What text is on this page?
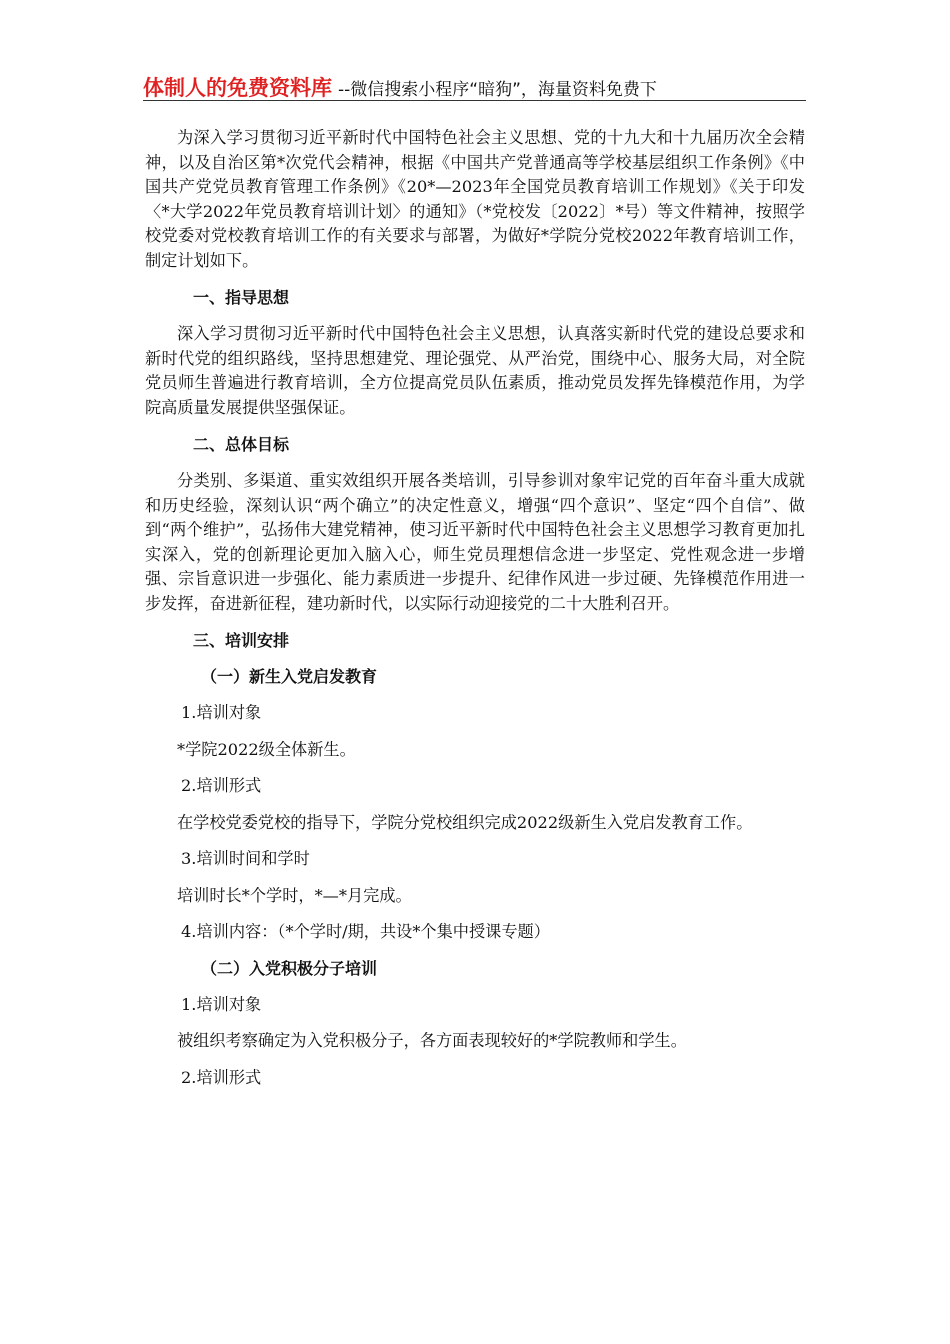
体制人的免费资料库 --微信搜索小程序“暗狗”，海量资料免费下

为深入学习贯彻习近平新时代中国特色社会主义思想、党的十九大和十九届历次全会精神，以及自治区第*次党代会精神，根据《中国共产党普通高等学校基层组织工作条例》《中国共产党党员教育管理工作条例》《20*—2023年全国党员教育培训工作规划》《关于印发〈*大学2022年党员教育培训计划〉的通知》（*党校发〔2022〕*号）等文件精神，按照学校党委对党校教育培训工作的有关要求与部署，为做好*学院分党校2022年教育培训工作，制定计划如下。

一、指导思想

深入学习贯彻习近平新时代中国特色社会主义思想，认真落实新时代党的建设总要求和新时代党的组织路线，坚持思想建党、理论强党、从严治党，围绕中心、服务大局，对全院党员师生普遍进行教育培训，全方位提高党员队伍素质，推动党员发挥先锋模范作用，为学院高质量发展提供坚强保证。

二、总体目标

分类别、多渠道、重实效组织开展各类培训，引导参训对象牢记党的百年奋斗重大成就和历史经验，深刻认识“两个确立”的决定性意义，增强“四个意识”、坚定“四个自信”、做到“两个维护”，弘扬伟大建党精神，使习近平新时代中国特色社会主义思想学习教育更加扎实深入，党的创新理论更加入脑入心，师生党员理想信念进一步坚定、党性观念进一步增强、宗旨意识进一步强化、能力素质进一步提升、纪律作风进一步过硬、先锋模范作用进一步发挥，奋进新征程，建功新时代，以实际行动迎接党的二十大胜利召开。

三、培训安排

（一）新生入党启发教育

1.培训对象

*学院2022级全体新生。

2.培训形式

在学校党委党校的指导下，学院分党校组织完成2022级新生入党启发教育工作。

3.培训时间和学时

培训时长*个学时，*—*月完成。

4.培训内容：（*个学时/期，共设*个集中授课专题）

（二）入党积极分子培训

1.培训对象

被组织考察确定为入党积极分子，各方面表现较好的*学院教师和学生。

2.培训形式
